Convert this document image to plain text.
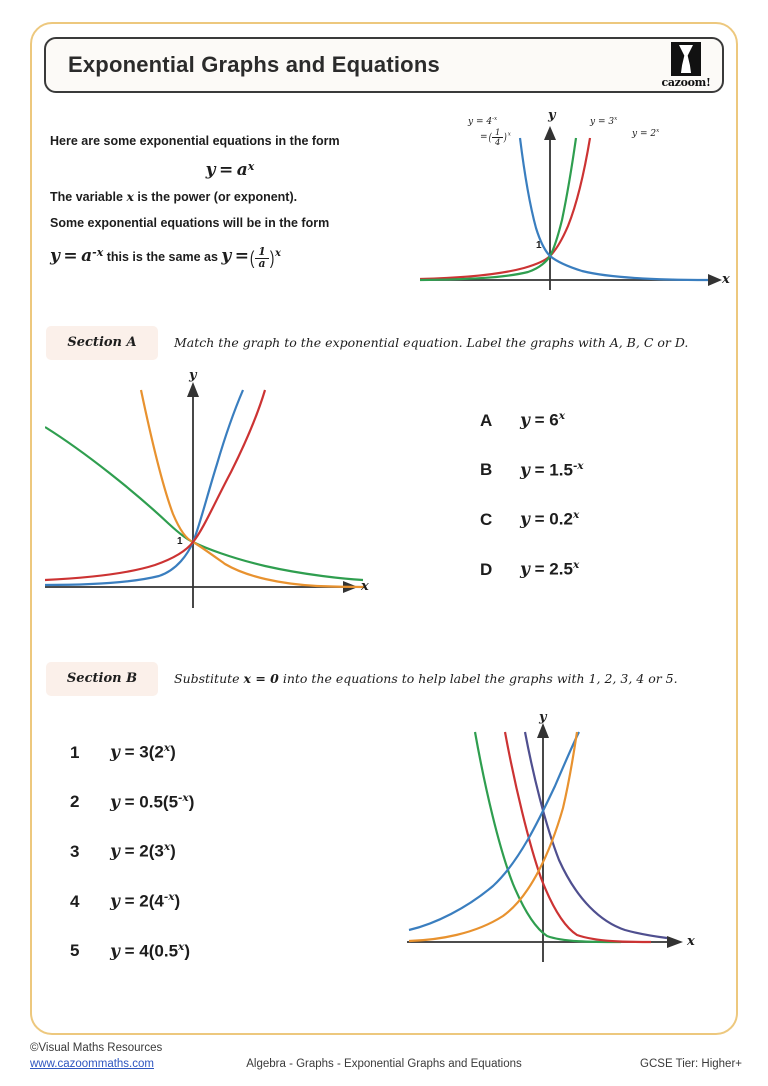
Exponential Graphs and Equations
cazoom!
Here are some exponential equations in the form
y = ax
The variable x is the power (or exponent).
Some exponential equations will be in the form
y = a-x this is the same as y =( $\frac{1}{a} )^x$
y
x
1
$y = 4^{-x}$
=( $\frac{1}{4} )^x$
$y = 3^x$
$y = 2^x$
Section A	Match the graph to the exponential equation. Label the graphs with A, B, C or D.
y
x
1
A	$y = 6^x$
B	$y = 1.5^{-x}$
C	$y = 0.2^x$
D	$y = 2.5^x$
Section B	Substitute x = 0 into the equations to help label the graphs with 1, 2, 3, 4 or 5.
1	$y = 3(2^x)$
2	$y = 0.5(5^{-x})$
3	$y = 2(3^x)$
4	$y = 2(4^{-x})$
5	$y = 4(0.5^x)$
y
x
©Visual Maths Resources
www.cazoommaths.com	Algebra - Graphs - Exponential Graphs and Equations	GCSE Tier: Higher+
